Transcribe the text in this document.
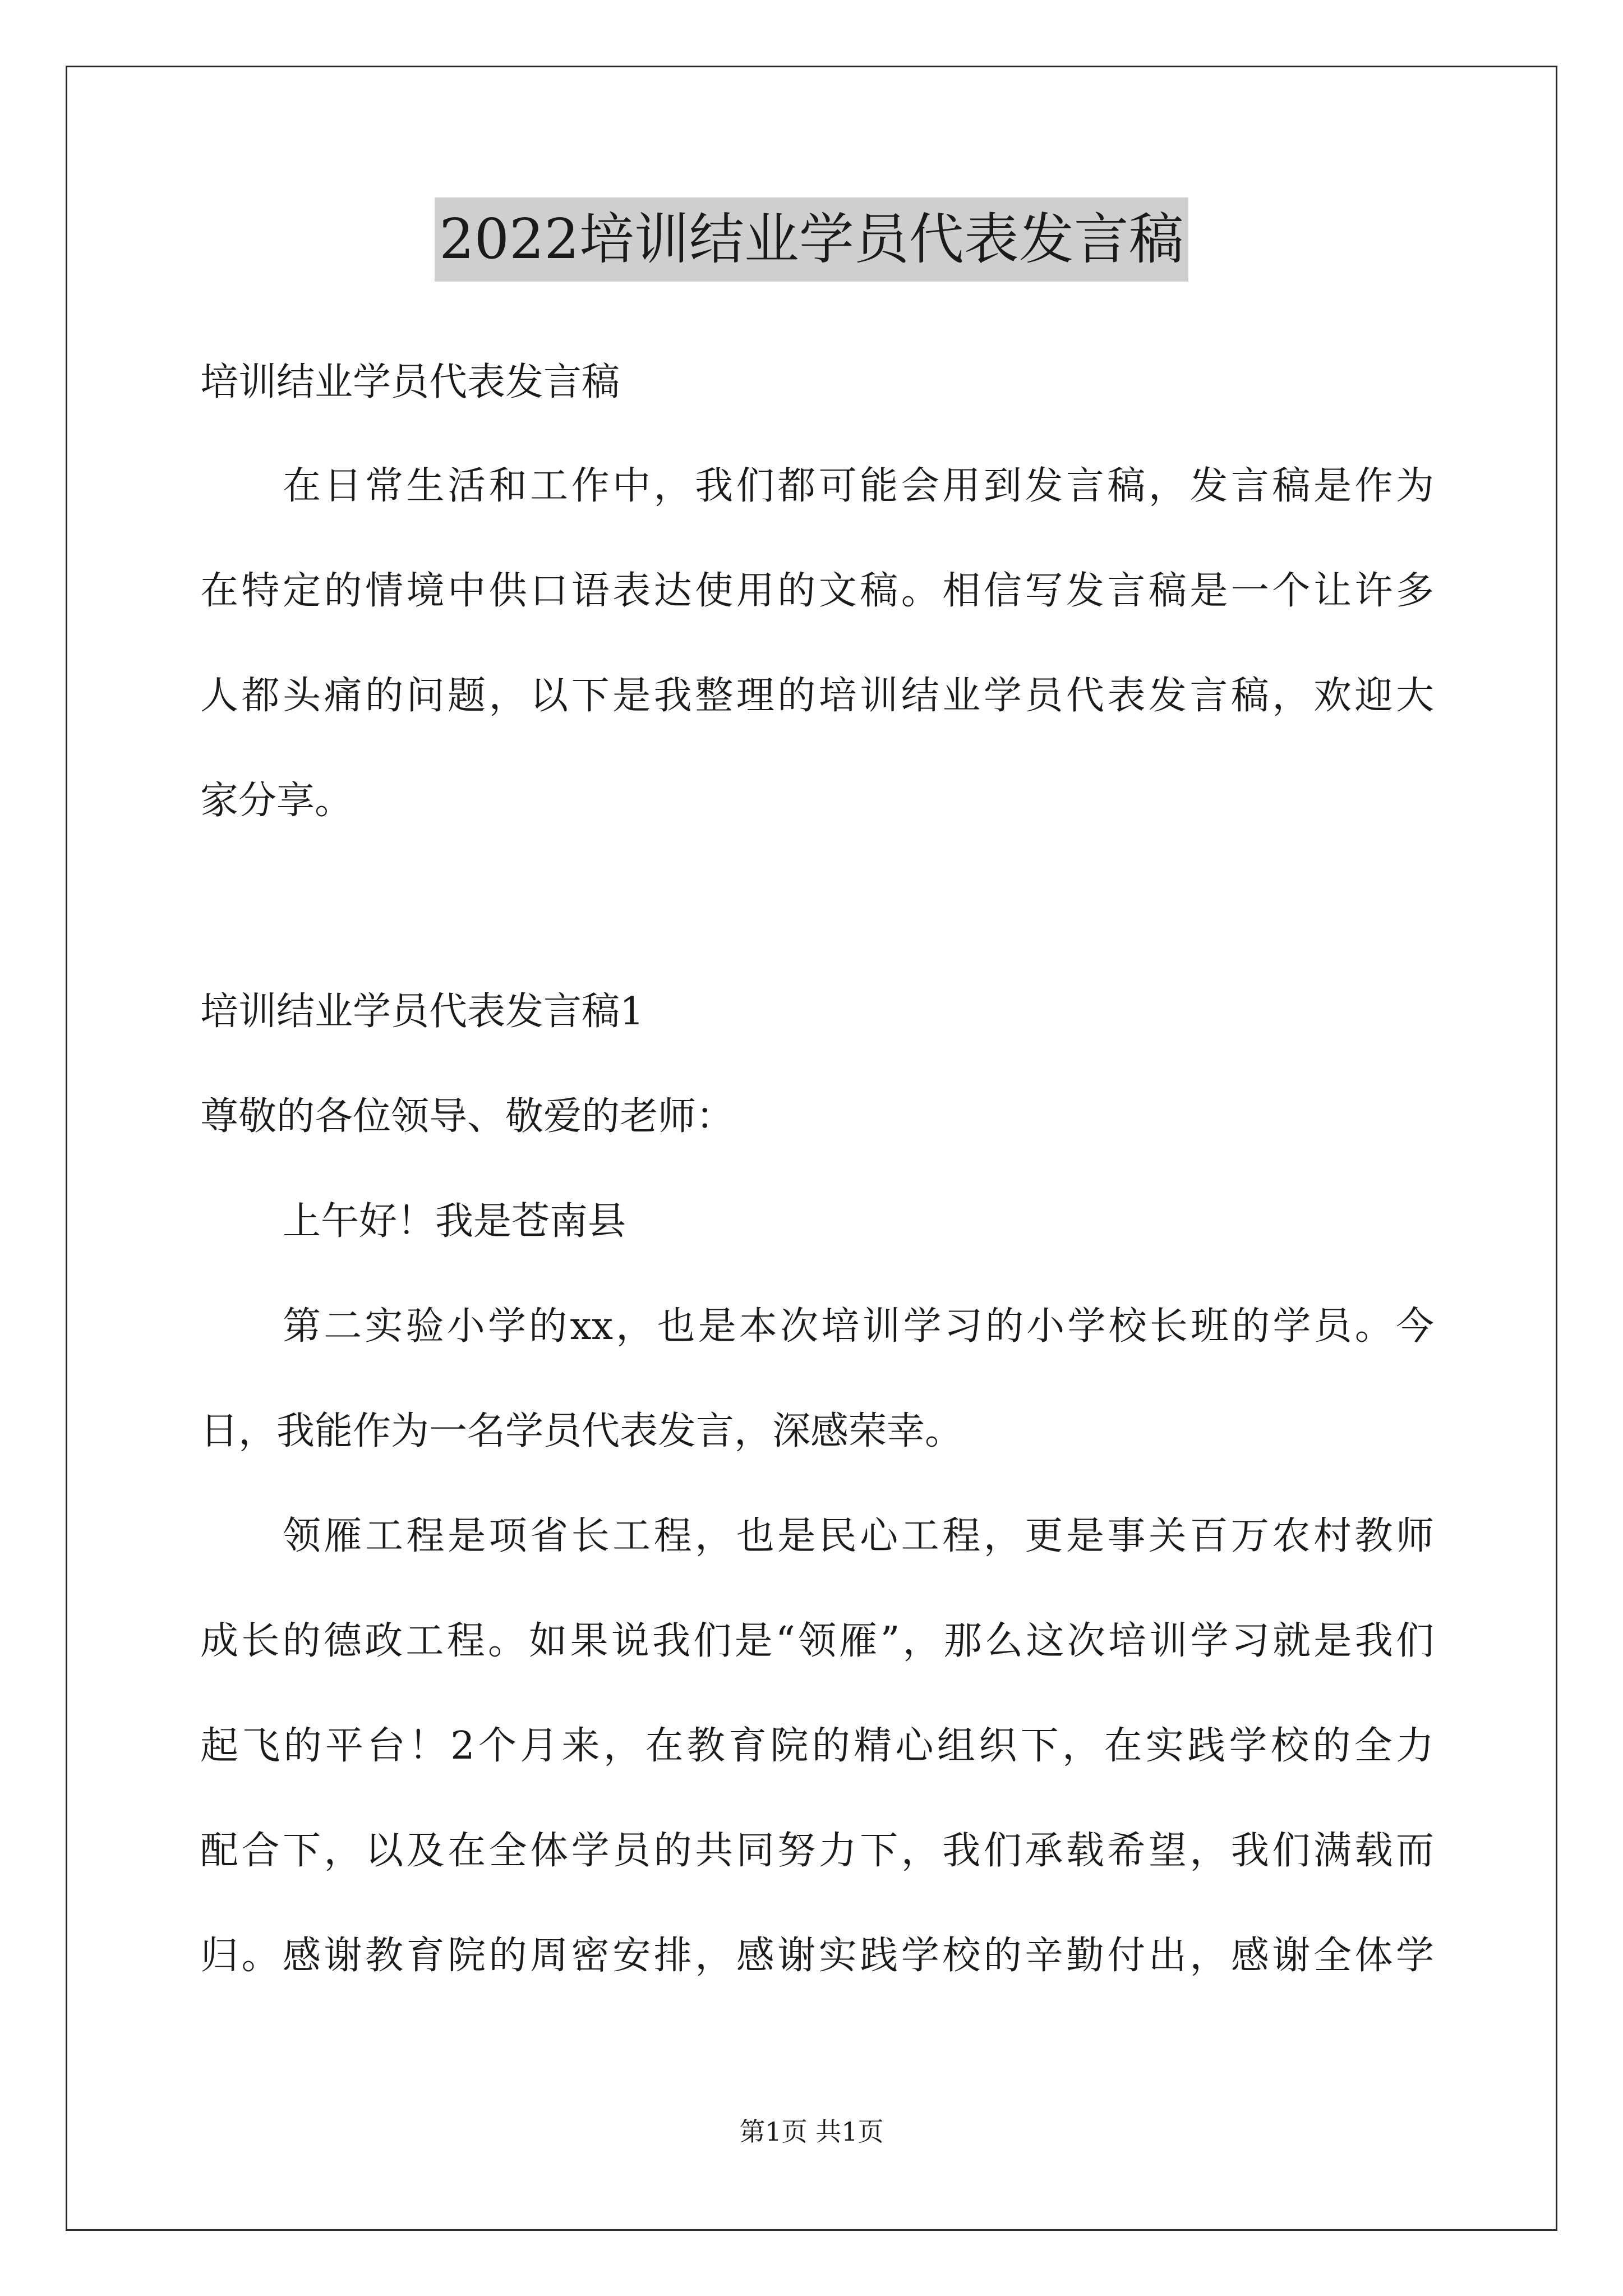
2022培训结业学员代表发言稿

培训结业学员代表发言稿

在日常生活和工作中，我们都可能会用到发言稿，发言稿是作为

在特定的情境中供口语表达使用的文稿。相信写发言稿是一个让许多

人都头痛的问题，以下是我整理的培训结业学员代表发言稿，欢迎大

家分享。

培训结业学员代表发言稿1

尊敬的各位领导、敬爱的老师：

上午好！我是苍南县

第二实验小学的xx，也是本次培训学习的小学校长班的学员。今

日，我能作为一名学员代表发言，深感荣幸。

领雁工程是项省长工程，也是民心工程，更是事关百万农村教师

成长的德政工程。如果说我们是“领雁”，那么这次培训学习就是我们

起飞的平台！2个月来，在教育院的精心组织下，在实践学校的全力

配合下，以及在全体学员的共同努力下，我们承载希望，我们满载而

归。感谢教育院的周密安排，感谢实践学校的辛勤付出，感谢全体学

第1页 共1页
